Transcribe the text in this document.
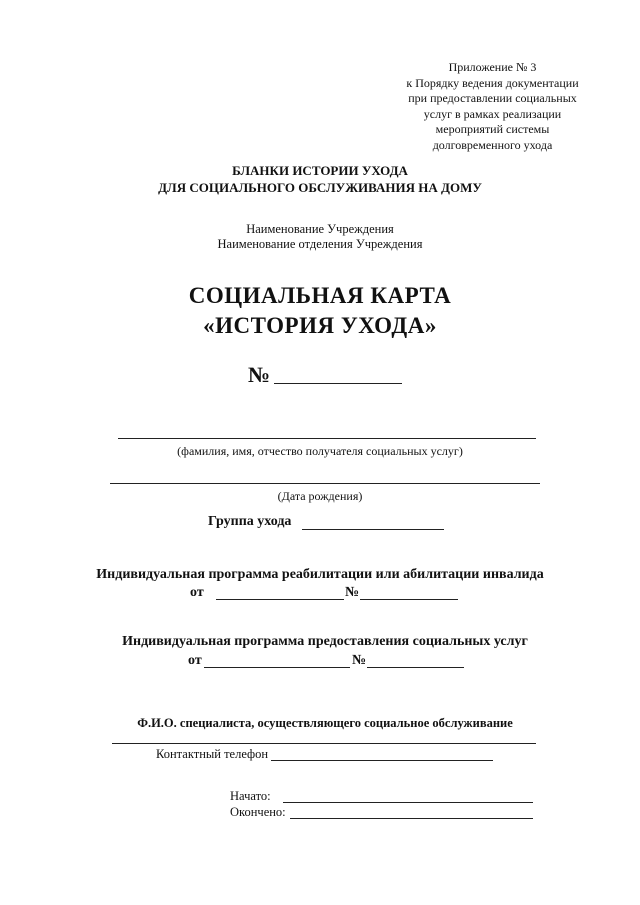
Приложение № 3
к Порядку ведения документации
при предоставлении социальных
услуг в рамках реализации
мероприятий системы
долговременного ухода
БЛАНКИ ИСТОРИИ УХОДА
ДЛЯ СОЦИАЛЬНОГО ОБСЛУЖИВАНИЯ НА ДОМУ
Наименование Учреждения
Наименование отделения Учреждения
СОЦИАЛЬНАЯ КАРТА
«ИСТОРИЯ УХОДА»
№
(фамилия, имя, отчество получателя социальных услуг)
(Дата рождения)
Группа ухода
Индивидуальная программа реабилитации или абилитации инвалида
от	№
Индивидуальная программа предоставления социальных услуг
от	№
Ф.И.О. специалиста, осуществляющего социальное обслуживание
Контактный телефон
Начато:
Окончено:
